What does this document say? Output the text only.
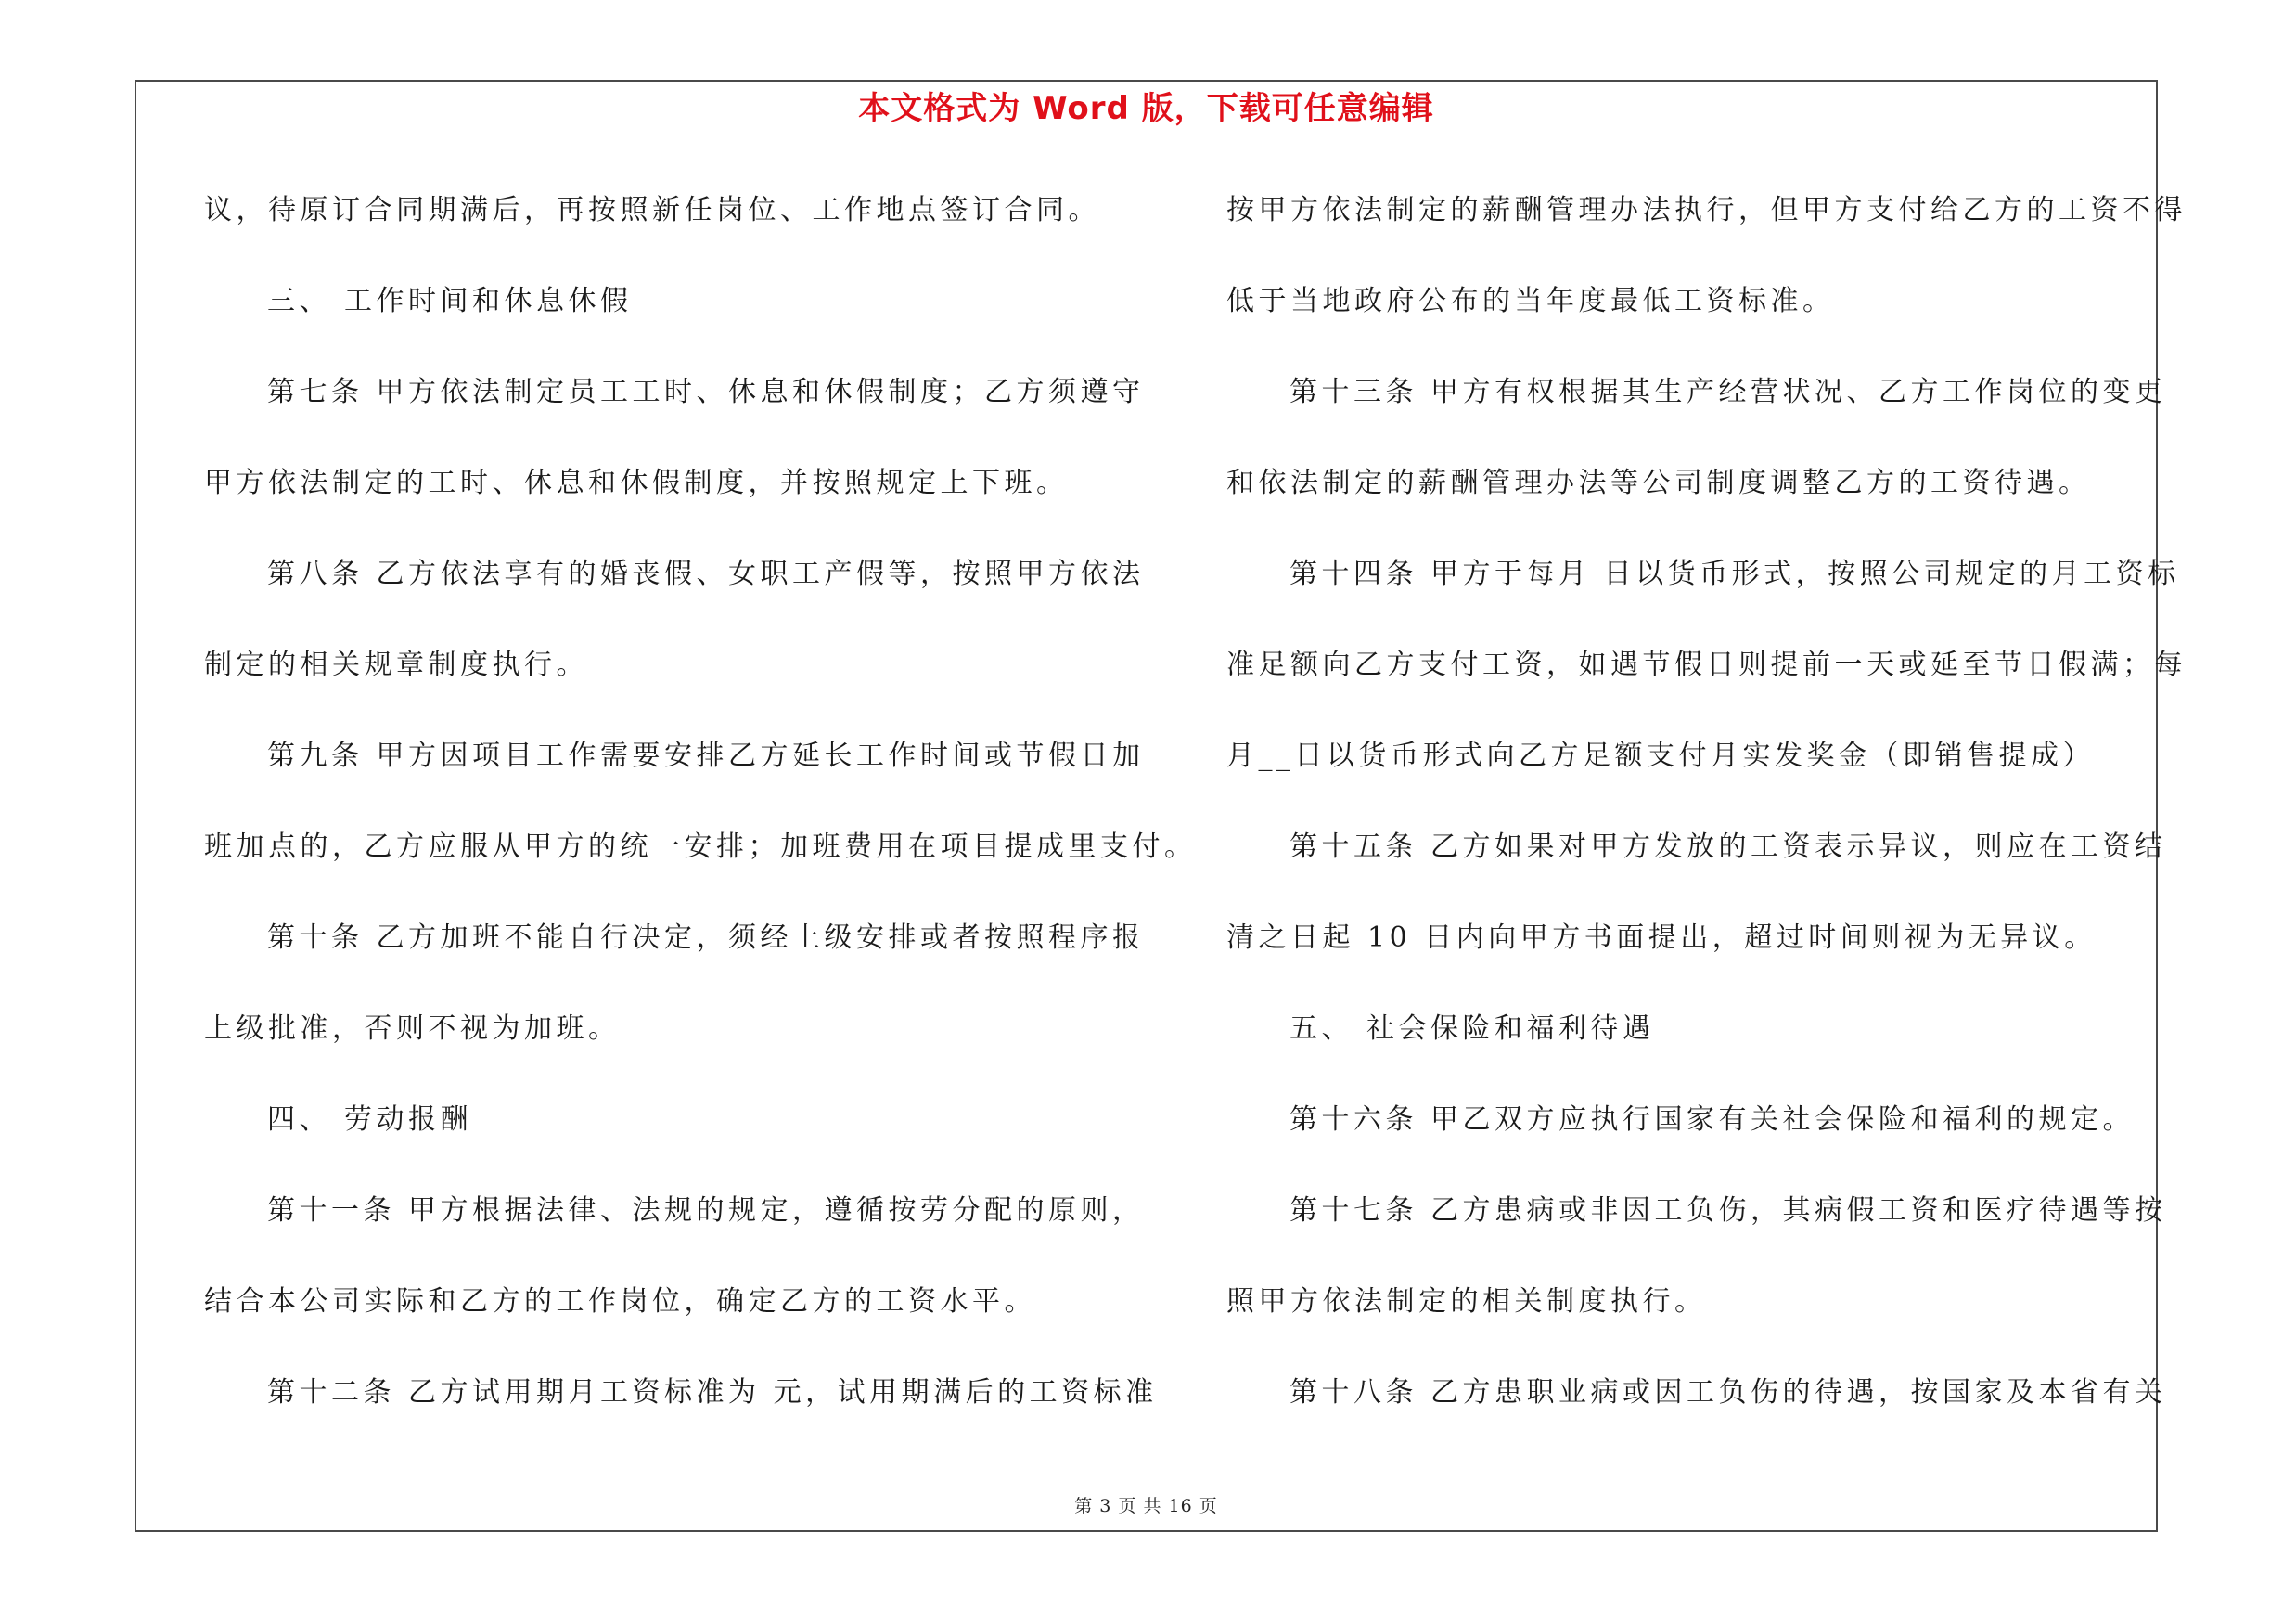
本文格式为 Word 版，下载可任意编辑
议，待原订合同期满后，再按照新任岗位、工作地点签订合同。
三、 工作时间和休息休假
第七条 甲方依法制定员工工时、休息和休假制度；乙方须遵守
甲方依法制定的工时、休息和休假制度，并按照规定上下班。
第八条 乙方依法享有的婚丧假、女职工产假等，按照甲方依法
制定的相关规章制度执行。
第九条 甲方因项目工作需要安排乙方延长工作时间或节假日加
班加点的，乙方应服从甲方的统一安排；加班费用在项目提成里支付。
第十条 乙方加班不能自行决定，须经上级安排或者按照程序报
上级批准，否则不视为加班。
四、 劳动报酬
第十一条 甲方根据法律、法规的规定，遵循按劳分配的原则，
结合本公司实际和乙方的工作岗位，确定乙方的工资水平。
第十二条 乙方试用期月工资标准为 元，试用期满后的工资标准
按甲方依法制定的薪酬管理办法执行，但甲方支付给乙方的工资不得
低于当地政府公布的当年度最低工资标准。
第十三条 甲方有权根据其生产经营状况、乙方工作岗位的变更
和依法制定的薪酬管理办法等公司制度调整乙方的工资待遇。
第十四条 甲方于每月 日以货币形式，按照公司规定的月工资标
准足额向乙方支付工资，如遇节假日则提前一天或延至节日假满；每
月__日以货币形式向乙方足额支付月实发奖金（即销售提成）
第十五条 乙方如果对甲方发放的工资表示异议，则应在工资结
清之日起 10 日内向甲方书面提出，超过时间则视为无异议。
五、 社会保险和福利待遇
第十六条 甲乙双方应执行国家有关社会保险和福利的规定。
第十七条 乙方患病或非因工负伤，其病假工资和医疗待遇等按
照甲方依法制定的相关制度执行。
第十八条 乙方患职业病或因工负伤的待遇，按国家及本省有关
第 3 页 共 16 页
